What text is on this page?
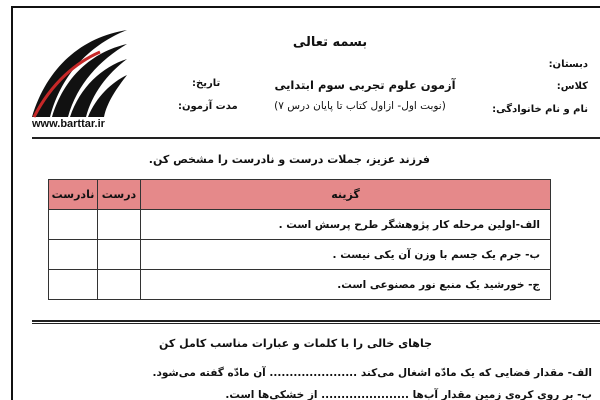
www.barttar.ir
بسمه تعالی
آزمون علوم تجربی سوم ابتدایی
(نوبت اول- ازاول کتاب تا پایان درس ۷)
دبستان:
کلاس:
نام و نام خانوادگی:
تاریخ:
مدت آزمون:
فرزند عزیز، جملات درست و نادرست را مشخص کن.
گزینه	درست	نادرست
الف-اولین مرحله کار پژوهشگر طرح پرسش است .		
ب- جرم یک جسم با وزن آن یکی نیست .		
ج- خورشید یک منبع نور مصنوعی است.		
جاهای خالی را با کلمات و عبارات مناسب کامل کن
الف- مقدار فضایی که یک مادّه اشغال می‌کند ...................... آن مادّه گفته می‌شود.
ب- بر روی کره‌ی زمین مقدار آب‌ها ...................... از خشکی‌ها است.
